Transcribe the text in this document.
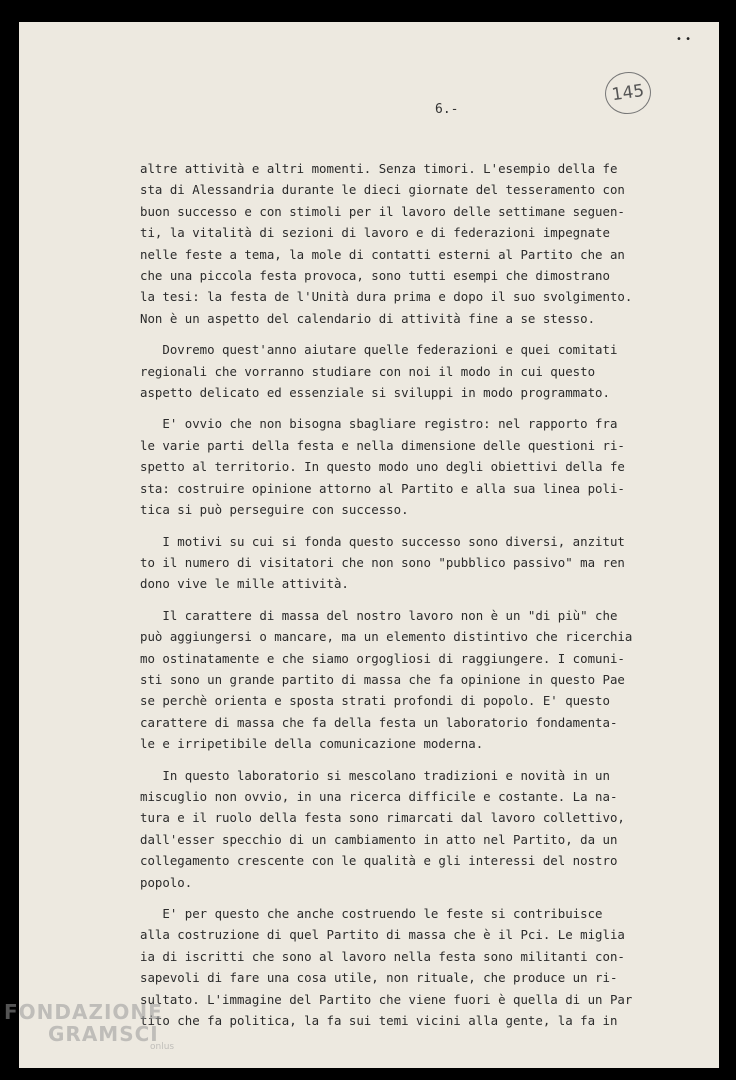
• •
6.-
145

altre attività e altri momenti. Senza timori. L'esempio della fe
sta di Alessandria durante le dieci giornate del tesseramento con
buon successo e con stimoli per il lavoro delle settimane seguen-
ti, la vitalità di sezioni di lavoro e di federazioni impegnate
nelle feste a tema, la mole di contatti esterni al Partito che an
che una piccola festa provoca, sono tutti esempi che dimostrano
la tesi: la festa de l'Unità dura prima e dopo il suo svolgimento.
Non è un aspetto del calendario di attività fine a se stesso.

Dovremo quest'anno aiutare quelle federazioni e quei comitati
regionali che vorranno studiare con noi il modo in cui questo
aspetto delicato ed essenziale si sviluppi in modo programmato.

E' ovvio che non bisogna sbagliare registro: nel rapporto fra
le varie parti della festa e nella dimensione delle questioni ri-
spetto al territorio. In questo modo uno degli obiettivi della fe
sta: costruire opinione attorno al Partito e alla sua linea poli-
tica si può perseguire con successo.

I motivi su cui si fonda questo successo sono diversi, anzitut
to il numero di visitatori che non sono "pubblico passivo" ma ren
dono vive le mille attività.

Il carattere di massa del nostro lavoro non è un "di più" che
può aggiungersi o mancare, ma un elemento distintivo che ricerchia
mo ostinatamente e che siamo orgogliosi di raggiungere. I comuni-
sti sono un grande partito di massa che fa opinione in questo Pae
se perchè orienta e sposta strati profondi di popolo. E' questo
carattere di massa che fa della festa un laboratorio fondamenta-
le e irripetibile della comunicazione moderna.

In questo laboratorio si mescolano tradizioni e novità in un
miscuglio non ovvio, in una ricerca difficile e costante. La na-
tura e il ruolo della festa sono rimarcati dal lavoro collettivo,
dall'esser specchio di un cambiamento in atto nel Partito, da un
collegamento crescente con le qualità e gli interessi del nostro
popolo.

E' per questo che anche costruendo le feste si contribuisce
alla costruzione di quel Partito di massa che è il Pci. Le miglia
ia di iscritti che sono al lavoro nella festa sono militanti con-
sapevoli di fare una cosa utile, non rituale, che produce un ri-
sultato. L'immagine del Partito che viene fuori è quella di un Par
tito che fa politica, la fa sui temi vicini alla gente, la fa in

FONDAZIONE
GRAMSCI
onlus
